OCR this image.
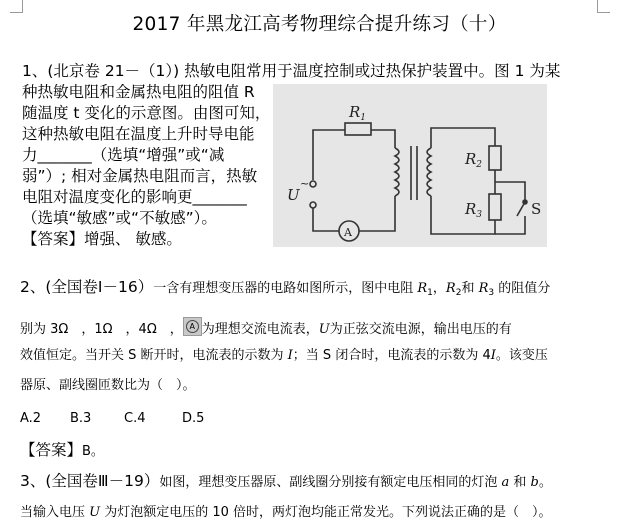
2017 年黑龙江高考物理综合提升练习（十）
1、(北京卷 21－（1）) 热敏电阻常用于温度控制或过热保护装置中。图 1 为某
种热敏电阻和金属热电阻的阻值 R
随温度 t 变化的示意图。由图可知，
这种热敏电阻在温度上升时导电能
力_______（选填“增强”或“减
弱”）; 相对金属热电阻而言，热敏
电阻对温度变化的影响更_______
（选填“敏感”或“不敏感”）。
【答案】增强、 敏感。
$R_1$
$R_2$
$R_3$
U
S
A
~
2、(全国卷Ⅰ－16）一含有理想变压器的电路如图所示，图中电阻 $R_1$，$R_2$和 $R_3$ 的阻值分
别为 3Ω　，1Ω　，4Ω　， A 为理想交流电流表，U为正弦交流电源，输出电压的有
效值恒定。当开关 S 断开时，电流表的示数为 I；当 S 闭合时，电流表的示数为 4I。该变压
器原、副线圈匝数比为（　）。
A.2 B.3	C.4	D.5
【答案】B。
3、(全国卷Ⅲ－19）如图，理想变压器原、副线圈分别接有额定电压相同的灯泡 a 和 b。
当输入电压 U 为灯泡额定电压的 10 倍时，两灯泡均能正常发光。下列说法正确的是（　）。
